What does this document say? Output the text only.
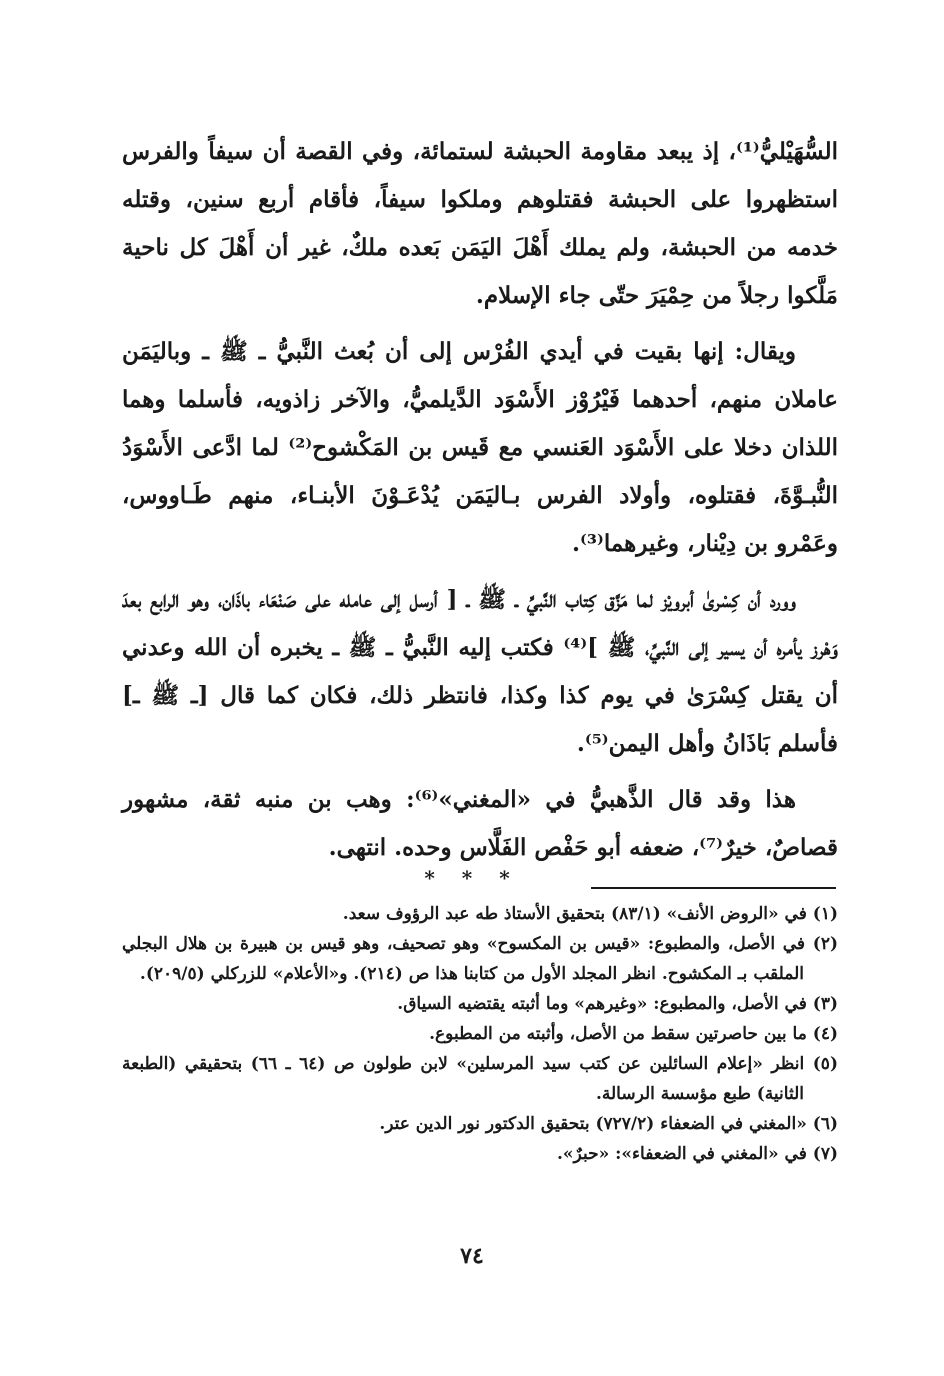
السُّهَيْليُّ⁽¹⁾، إذ يبعد مقاومة الحبشة لستمائة، وفي القصة أن سيفاً والفرس استظهروا على الحبشة فقتلوهم وملكوا سيفاً، فأقام أربع سنين، وقتله خدمه من الحبشة، ولم يملك أَهْلَ اليَمَن بَعده ملكٌ، غير أن أَهْلَ كل ناحية مَلَّكوا رجلاً من حِمْيَرَ حتّى جاء الإسلام.

ويقال: إنها بقيت في أيدي الفُرْس إلى أن بُعث النَّبيُّ ـ ﷺ ـ وباليَمَن عاملان منهم، أحدهما فَيْرُوْز الأَسْوَد الدَّيلميُّ، والآخر زاذويه، فأسلما وهما اللذان دخلا على الأَسْوَد العَنسي مع قَيس بن المَكْشوح⁽²⁾ لما ادَّعى الأَسْوَدُ النُّبـوَّةَ، فقتلوه، وأولاد الفرس بـاليَمَن يُدْعَـوْنَ الأبنـاء، منهم طَـاووس، وعَمْرو بن دِيْنار، وغيرهما⁽³⁾.

وورد أن كِسْرىٰ أبرويْز لما مَزَّق كِتاب النَّبيِّ ـ ﷺ ـ [ أرسل إلى عامله على صَنْعَاء باذَان، وهو الرابع بعدَ وَهْرز يأمره أن يسير إلى النَّبيِّ، ﷺ ]⁽⁴⁾ فكتب إليه النَّبيُّ ـ ﷺ ـ يخبره أن الله وعدني أن يقتل كِسْرَىٰ في يوم كذا وكذا، فانتظر ذلك، فكان كما قال [ـ ﷺ ـ] فأسلم بَاذَانُ وأهل اليمن⁽⁵⁾.

هذا وقد قال الذَّهبيُّ في «المغني»⁽⁶⁾: وهب بن منبه ثقة، مشهور قصاصٌ، خيرٌ⁽⁷⁾، ضعفه أبو حَفْص الفَلَّاس وحده. انتهى.

* * *

(١) في «الروض الأنف» (٨٣/١) بتحقيق الأستاذ طه عبد الرؤوف سعد.

(٢) في الأصل، والمطبوع: «قيس بن المكسوح» وهو تصحيف، وهو قيس بن هبيرة بن هلال البجلي الملقب بـ المكشوح. انظر المجلد الأول من كتابنا هذا ص (٢١٤). و«الأعلام» للزركلي (٢٠٩/٥).

(٣) في الأصل، والمطبوع: «وغيرهم» وما أثبته يقتضيه السياق.

(٤) ما بين حاصرتين سقط من الأصل، وأثبته من المطبوع.

(٥) انظر «إعلام السائلين عن كتب سيد المرسلين» لابن طولون ص (٦٤ ـ ٦٦) بتحقيقي (الطبعة الثانية) طبع مؤسسة الرسالة.

(٦) «المغني في الضعفاء (٧٢٧/٢) بتحقيق الدكتور نور الدين عتر.

(٧) في «المغني في الضعفاء»: «حبرٌ».

٧٤
